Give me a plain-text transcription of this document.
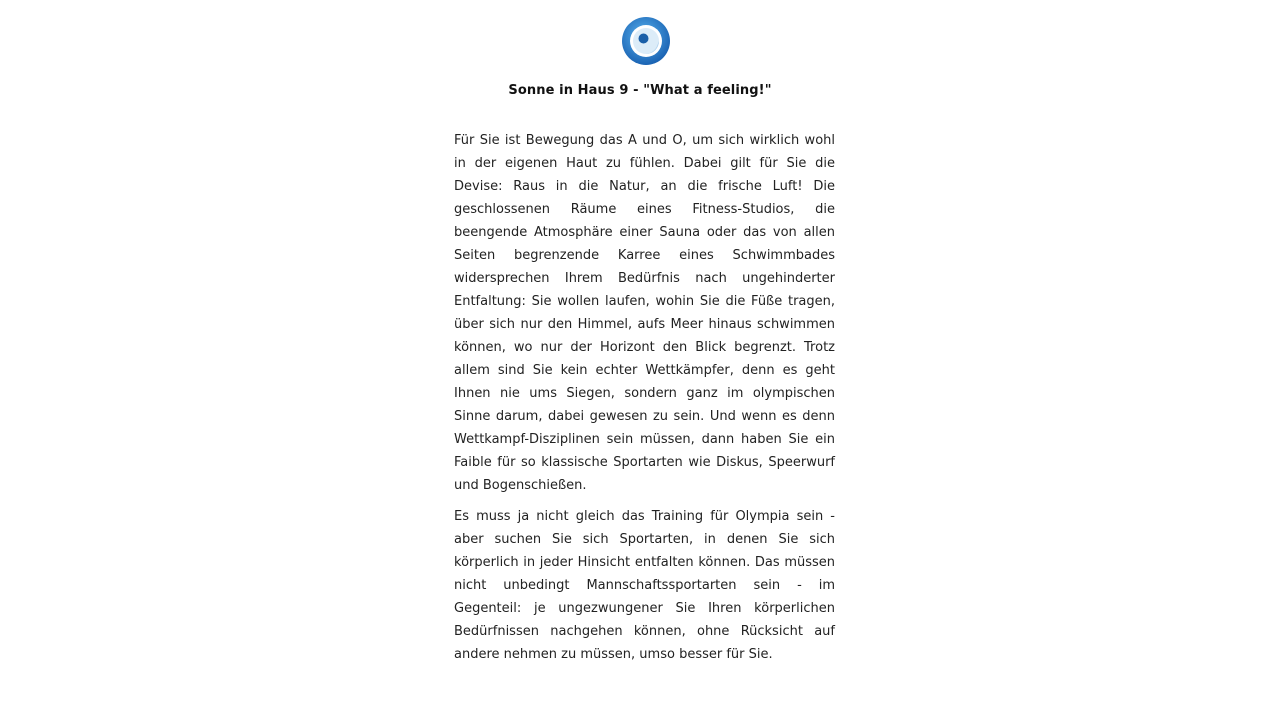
Sonne in Haus 9 - "What a feeling!"

Für Sie ist Bewegung das A und O, um sich wirklich wohl in der eigenen Haut zu fühlen. Dabei gilt für Sie die Devise: Raus in die Natur, an die frische Luft! Die geschlossenen Räume eines Fitness-Studios, die beengende Atmosphäre einer Sauna oder das von allen Seiten begrenzende Karree eines Schwimmbades widersprechen Ihrem Bedürfnis nach ungehinderter Entfaltung: Sie wollen laufen, wohin Sie die Füße tragen, über sich nur den Himmel, aufs Meer hinaus schwimmen können, wo nur der Horizont den Blick begrenzt. Trotz allem sind Sie kein echter Wettkämpfer, denn es geht Ihnen nie ums Siegen, sondern ganz im olympischen Sinne darum, dabei gewesen zu sein. Und wenn es denn Wettkampf-Disziplinen sein müssen, dann haben Sie ein Faible für so klassische Sportarten wie Diskus, Speerwurf und Bogenschießen.

Es muss ja nicht gleich das Training für Olympia sein - aber suchen Sie sich Sportarten, in denen Sie sich körperlich in jeder Hinsicht entfalten können. Das müssen nicht unbedingt Mannschaftssportarten sein - im Gegenteil: je ungezwungener Sie Ihren körperlichen Bedürfnissen nachgehen können, ohne Rücksicht auf andere nehmen zu müssen, umso besser für Sie.
